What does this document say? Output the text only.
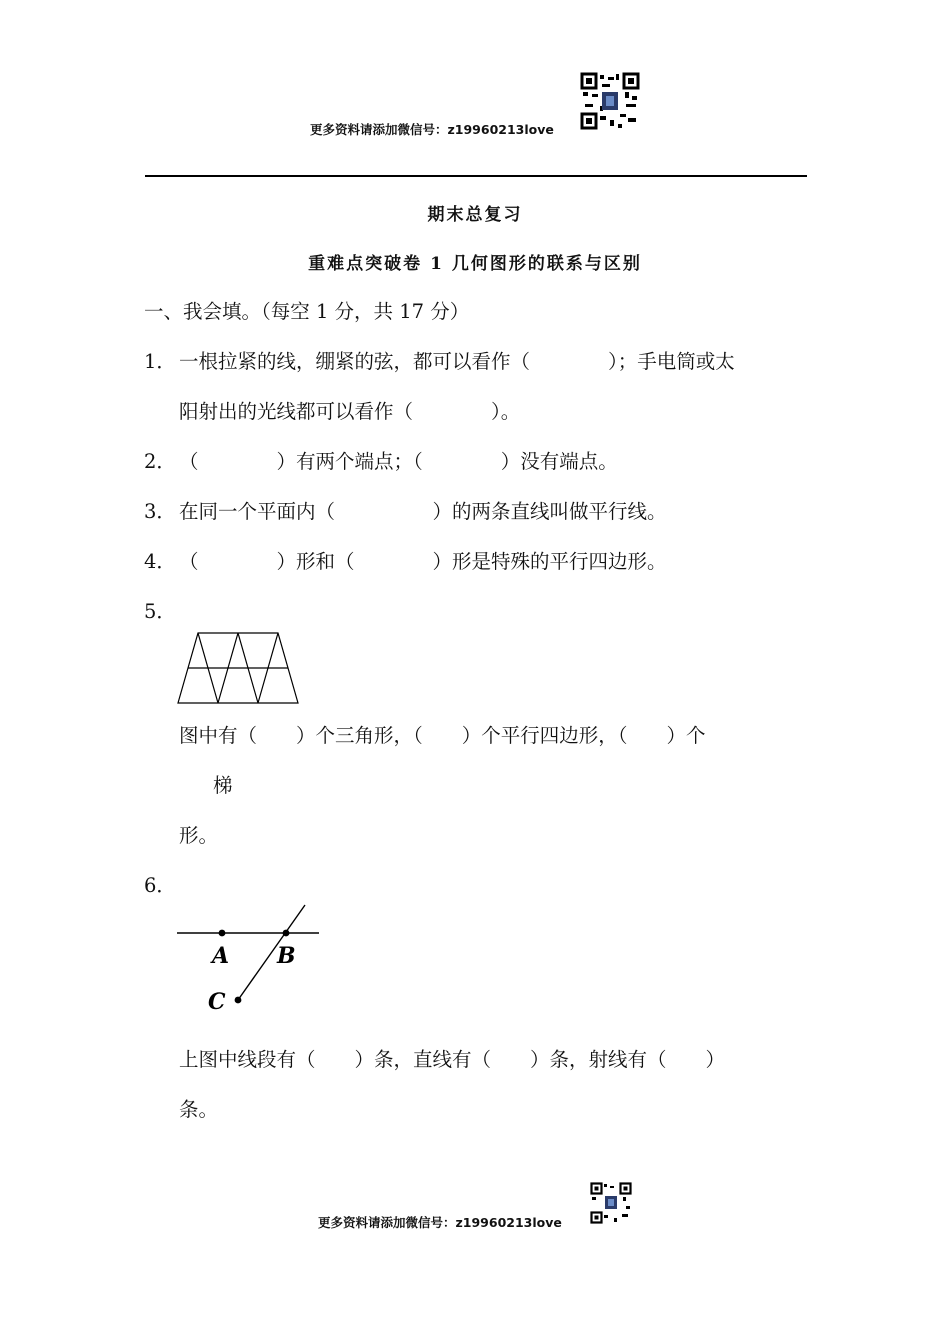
更多资料请添加微信号：z19960213love
期末总复习
重难点突破卷 1 几何图形的联系与区别
一、我会填。（每空 1 分，共 17 分）
1． 一根拉紧的线，绷紧的弦，都可以看作（　　　　）；手电筒或太
阳射出的光线都可以看作（　　　　）。
2． （　　　　）有两个端点；（　　　　）没有端点。
3． 在同一个平面内（　　　　　）的两条直线叫做平行线。
4． （　　　　）形和（　　　　）形是特殊的平行四边形。
5．
图中有（　　）个三角形，（　　）个平行四边形，（　　）个
梯
形。
6．
A B
C
上图中线段有（　　）条，直线有（　　）条，射线有（　　）
条。
更多资料请添加微信号：z19960213love
